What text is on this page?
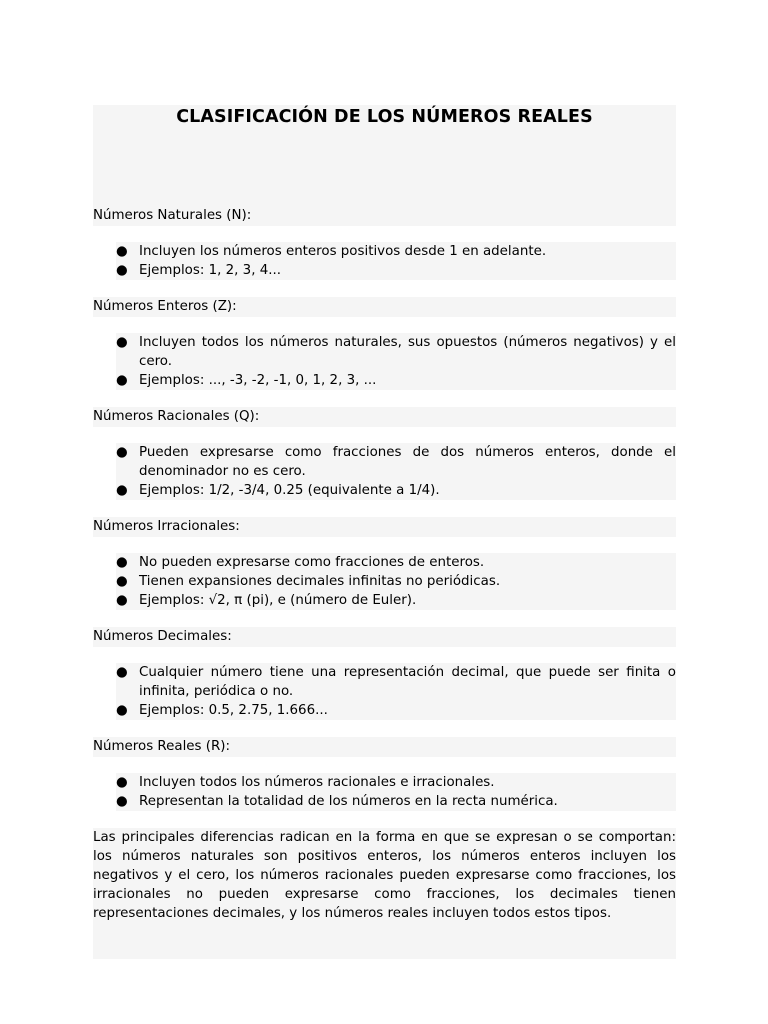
CLASIFICACIÓN DE LOS NÚMEROS REALES

Números Naturales (N):

● Incluyen los números enteros positivos desde 1 en adelante.
● Ejemplos: 1, 2, 3, 4...

Números Enteros (Z):

● Incluyen todos los números naturales, sus opuestos (números negativos) y el cero.
● Ejemplos: ..., -3, -2, -1, 0, 1, 2, 3, ...

Números Racionales (Q):

● Pueden expresarse como fracciones de dos números enteros, donde el denominador no es cero.
● Ejemplos: 1/2, -3/4, 0.25 (equivalente a 1/4).

Números Irracionales:

● No pueden expresarse como fracciones de enteros.
● Tienen expansiones decimales infinitas no periódicas.
● Ejemplos: √2, π (pi), e (número de Euler).

Números Decimales:

● Cualquier número tiene una representación decimal, que puede ser finita o infinita, periódica o no.
● Ejemplos: 0.5, 2.75, 1.666...

Números Reales (R):

● Incluyen todos los números racionales e irracionales.
● Representan la totalidad de los números en la recta numérica.

Las principales diferencias radican en la forma en que se expresan o se comportan: los números naturales son positivos enteros, los números enteros incluyen los negativos y el cero, los números racionales pueden expresarse como fracciones, los irracionales no pueden expresarse como fracciones, los decimales tienen representaciones decimales, y los números reales incluyen todos estos tipos.
